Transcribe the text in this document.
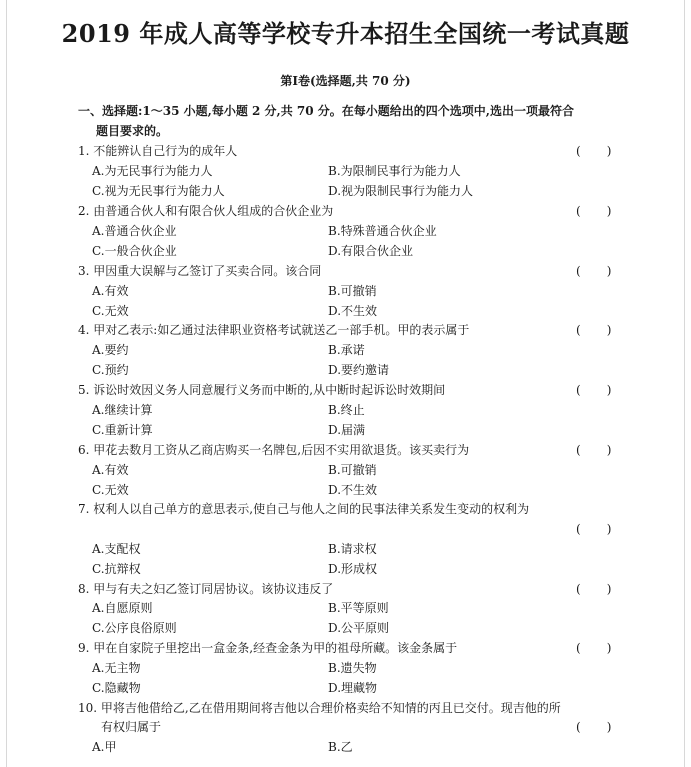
2019 年成人高等学校专升本招生全国统一考试真题
第Ⅰ卷(选择题,共 70 分)
一、选择题:1～35 小题,每小题 2 分,共 70 分。在每小题给出的四个选项中,选出一项最符合
题目要求的。
1. 不能辨认自己行为的成年人	( )
A.为无民事行为能力人	B.为限制民事行为能力人
C.视为无民事行为能力人	D.视为限制民事行为能力人
2. 由普通合伙人和有限合伙人组成的合伙企业为	( )
A.普通合伙企业	B.特殊普通合伙企业
C.一般合伙企业	D.有限合伙企业
3. 甲因重大误解与乙签订了买卖合同。该合同	( )
A.有效	B.可撤销
C.无效	D.不生效
4. 甲对乙表示:如乙通过法律职业资格考试就送乙一部手机。甲的表示属于	( )
A.要约	B.承诺
C.预约	D.要约邀请
5. 诉讼时效因义务人同意履行义务而中断的,从中断时起诉讼时效期间	( )
A.继续计算	B.终止
C.重新计算	D.届满
6. 甲花去数月工资从乙商店购买一名牌包,后因不实用欲退货。该买卖行为	( )
A.有效	B.可撤销
C.无效	D.不生效
7. 权利人以自己单方的意思表示,使自己与他人之间的民事法律关系发生变动的权利为
( )
A.支配权	B.请求权
C.抗辩权	D.形成权
8. 甲与有夫之妇乙签订同居协议。该协议违反了	( )
A.自愿原则	B.平等原则
C.公序良俗原则	D.公平原则
9. 甲在自家院子里挖出一盒金条,经查金条为甲的祖母所藏。该金条属于	( )
A.无主物	B.遗失物
C.隐藏物	D.埋藏物
10. 甲将吉他借给乙,乙在借用期间将吉他以合理价格卖给不知情的丙且已交付。现吉他的所
有权归属于	( )
A.甲	B.乙
